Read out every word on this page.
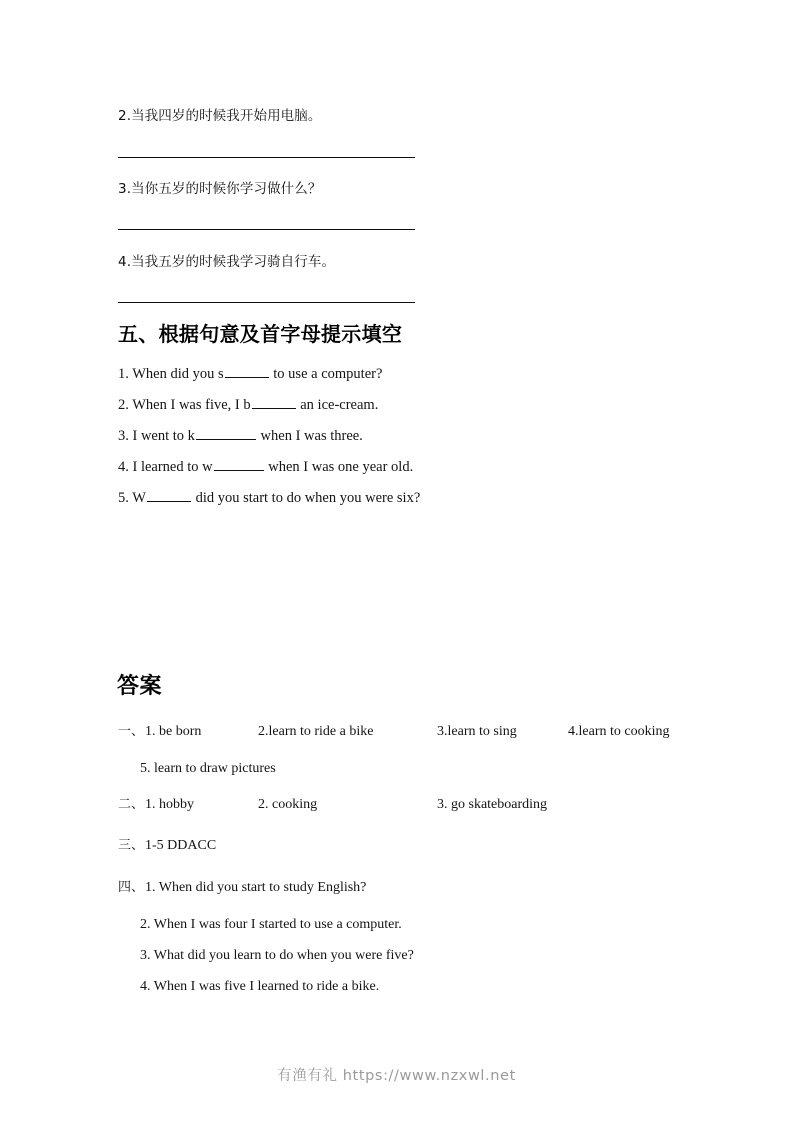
2.当我四岁的时候我开始用电脑。
3.当你五岁的时候你学习做什么？
4.当我五岁的时候我学习骑自行车。
五、根据句意及首字母提示填空
1. When did you s	to use a computer?
2. When I was five, I b	an ice-cream.
3. I went to k	when I was three.
4. I learned to w	when I was one year old.
5. W	did you start to do when you were six?
答案
一、 1. be born	2.learn to ride a bike	3.learn to sing	4.learn to cooking
5. learn to draw pictures
二、 1. hobby	2. cooking	3. go skateboarding
三、 1-5 DDACC
四、 1. When did you start to study English?
2. When I was four I started to use a computer.
3. What did you learn to do when you were five?
4. When I was five I learned to ride a bike.
有渔有礼 https://www.nzxwl.net
